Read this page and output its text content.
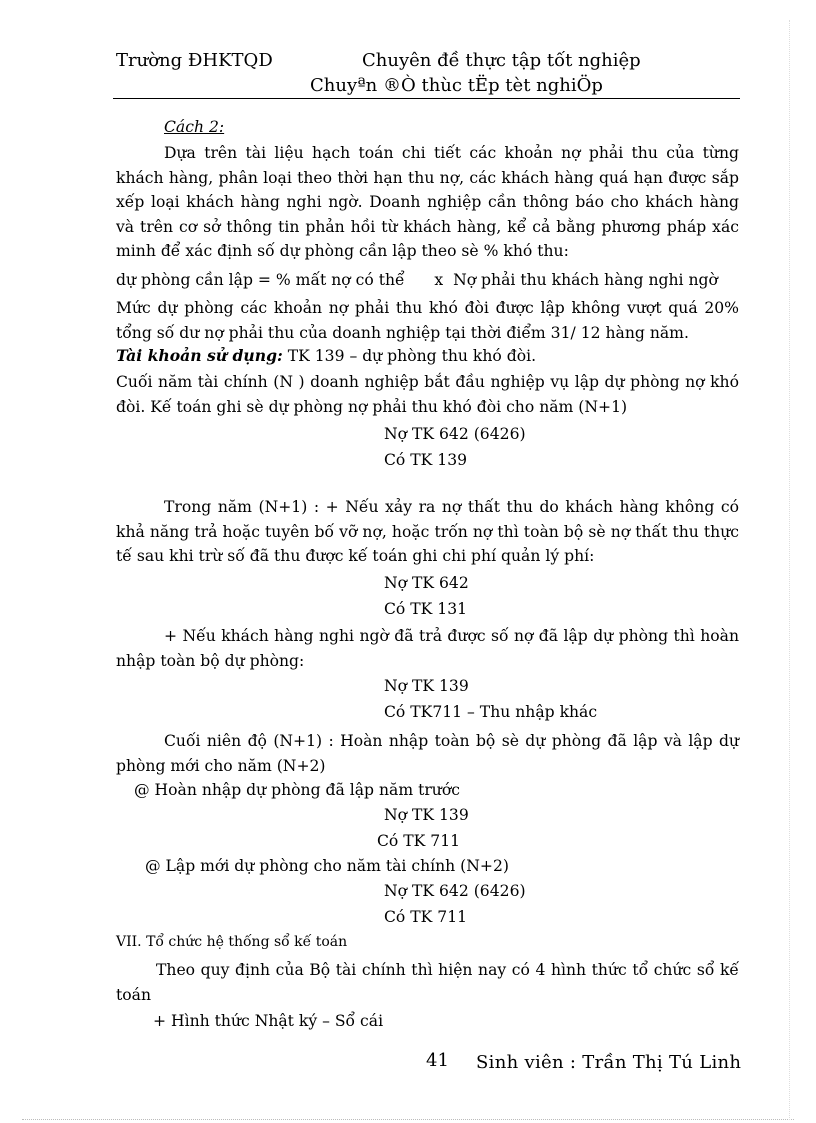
Trường ĐHKTQD	Chuyên đề thực tập tốt nghiệp
Chuyªn ®Ò thùc tËp tèt nghiÖp
Cách 2:
Dựa trên tài liệu hạch toán chi tiết các khoản nợ phải thu của từng khách hàng, phân loại theo thời hạn thu nợ, các khách hàng quá hạn được sắp xếp loại khách hàng nghi ngờ. Doanh nghiệp cần thông báo cho khách hàng và trên cơ sở thông tin phản hồi từ khách hàng, kể cả bằng phương pháp xác minh để xác định số dự phòng cần lập theo sè % khó thu:
dự phòng cần lập = % mất nợ có thể      x  Nợ phải thu khách hàng nghi ngờ
Mức dự phòng các khoản nợ phải thu khó đòi được lập không vượt quá 20% tổng số dư nợ phải thu của doanh nghiệp tại thời điểm 31/ 12 hàng năm.
Tài khoản sử dụng: TK 139 – dự phòng thu khó đòi.
Cuối năm tài chính (N ) doanh nghiệp bắt đầu nghiệp vụ lập dự phòng nợ khó đòi. Kế toán ghi sè dự phòng nợ phải thu khó đòi cho năm (N+1)
Nợ TK 642 (6426)
Có TK 139
Trong năm (N+1) : + Nếu xảy ra nợ thất thu do khách hàng không có khả năng trả hoặc tuyên bố vỡ nợ, hoặc trốn nợ thì toàn bộ sè nợ thất thu thực tế sau khi trừ số đã thu được kế toán ghi chi phí quản lý phí:
Nợ TK 642
Có TK 131
+ Nếu khách hàng nghi ngờ đã trả được số nợ đã lập dự phòng thì hoàn nhập toàn bộ dự phòng:
Nợ TK 139
Có TK711 – Thu nhập khác
Cuối niên độ (N+1) : Hoàn nhập toàn bộ sè dự phòng đã lập và lập dự phòng mới cho năm (N+2)
@ Hoàn nhập dự phòng đã lập năm trước
Nợ TK 139
Có TK 711
@ Lập mới dự phòng cho năm tài chính (N+2)
Nợ TK 642 (6426)
Có TK 711
VII. Tổ chức hệ thống sổ kế toán
Theo quy định của Bộ tài chính thì hiện nay có 4 hình thức tổ chức sổ kế toán
+ Hình thức Nhật ký – Sổ cái
41 Sinh viên : Trần Thị Tú Linh
